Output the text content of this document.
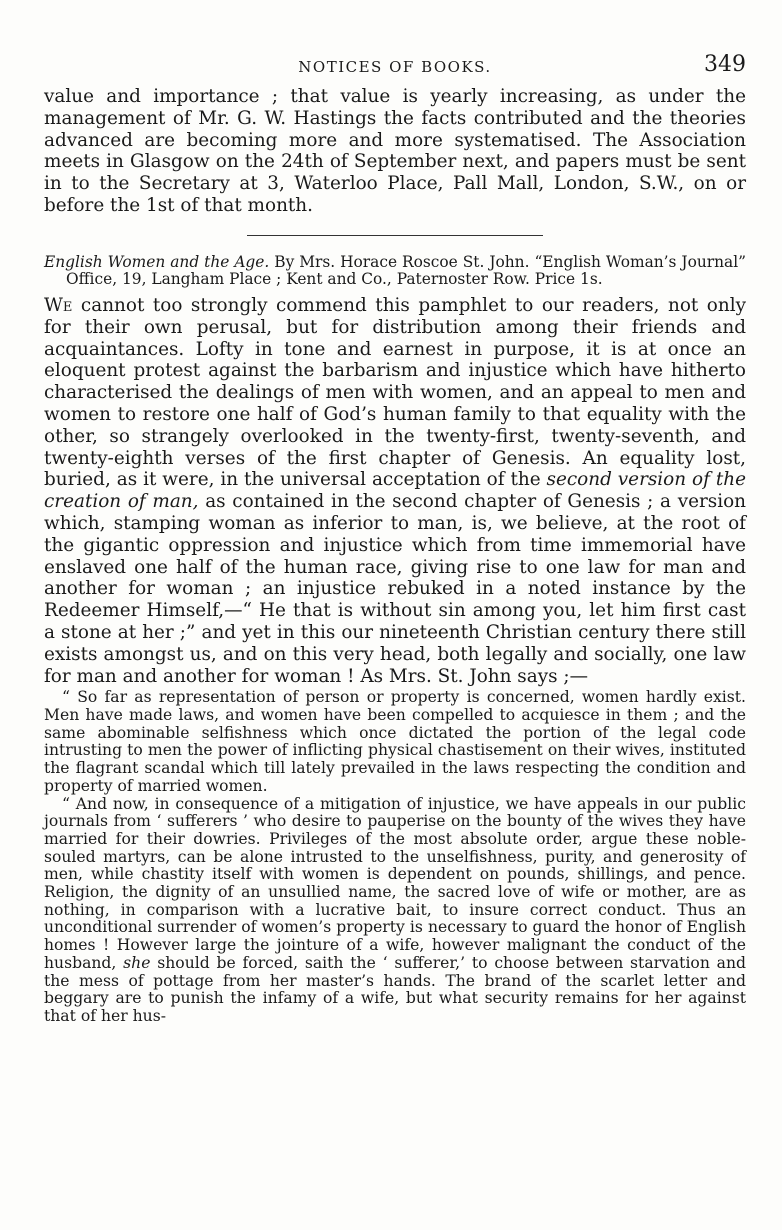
NOTICES OF BOOKS.	349

value and importance ; that value is yearly increasing, as under the management of Mr. G. W. Hastings the facts contributed and the theories advanced are becoming more and more systematised. The Association meets in Glasgow on the 24th of September next, and papers must be sent in to the Secretary at 3, Waterloo Place, Pall Mall, London, S.W., on or before the 1st of that month.

English Women and the Age. By Mrs. Horace Roscoe St. John. “English Woman’s Journal” Office, 19, Langham Place ; Kent and Co., Paternoster Row. Price 1s.

We cannot too strongly commend this pamphlet to our readers, not only for their own perusal, but for distribution among their friends and acquaintances. Lofty in tone and earnest in purpose, it is at once an eloquent protest against the barbarism and injustice which have hitherto characterised the dealings of men with women, and an appeal to men and women to restore one half of God’s human family to that equality with the other, so strangely overlooked in the twenty-first, twenty-seventh, and twenty-eighth verses of the first chapter of Genesis. An equality lost, buried, as it were, in the universal acceptation of the second version of the creation of man, as contained in the second chapter of Genesis ; a version which, stamping woman as inferior to man, is, we believe, at the root of the gigantic oppression and injustice which from time immemorial have enslaved one half of the human race, giving rise to one law for man and another for woman ; an injustice rebuked in a noted instance by the Redeemer Himself,—“ He that is without sin among you, let him first cast a stone at her ;” and yet in this our nineteenth Christian century there still exists amongst us, and on this very head, both legally and socially, one law for man and another for woman ! As Mrs. St. John says ;—

“ So far as representation of person or property is concerned, women hardly exist. Men have made laws, and women have been compelled to acquiesce in them ; and the same abominable selfishness which once dictated the portion of the legal code intrusting to men the power of inflicting physical chastisement on their wives, instituted the flagrant scandal which till lately prevailed in the laws respecting the condition and property of married women.

“ And now, in consequence of a mitigation of injustice, we have appeals in our public journals from ‘ sufferers ’ who desire to pauperise on the bounty of the wives they have married for their dowries. Privileges of the most absolute order, argue these noble-souled martyrs, can be alone intrusted to the unselfishness, purity, and generosity of men, while chastity itself with women is dependent on pounds, shillings, and pence. Religion, the dignity of an unsullied name, the sacred love of wife or mother, are as nothing, in comparison with a lucrative bait, to insure correct conduct. Thus an unconditional surrender of women’s property is necessary to guard the honor of English homes ! However large the jointure of a wife, however malignant the conduct of the husband, she should be forced, saith the ‘ sufferer,’ to choose between starvation and the mess of pottage from her master’s hands. The brand of the scarlet letter and beggary are to punish the infamy of a wife, but what security remains for her against that of her hus-
